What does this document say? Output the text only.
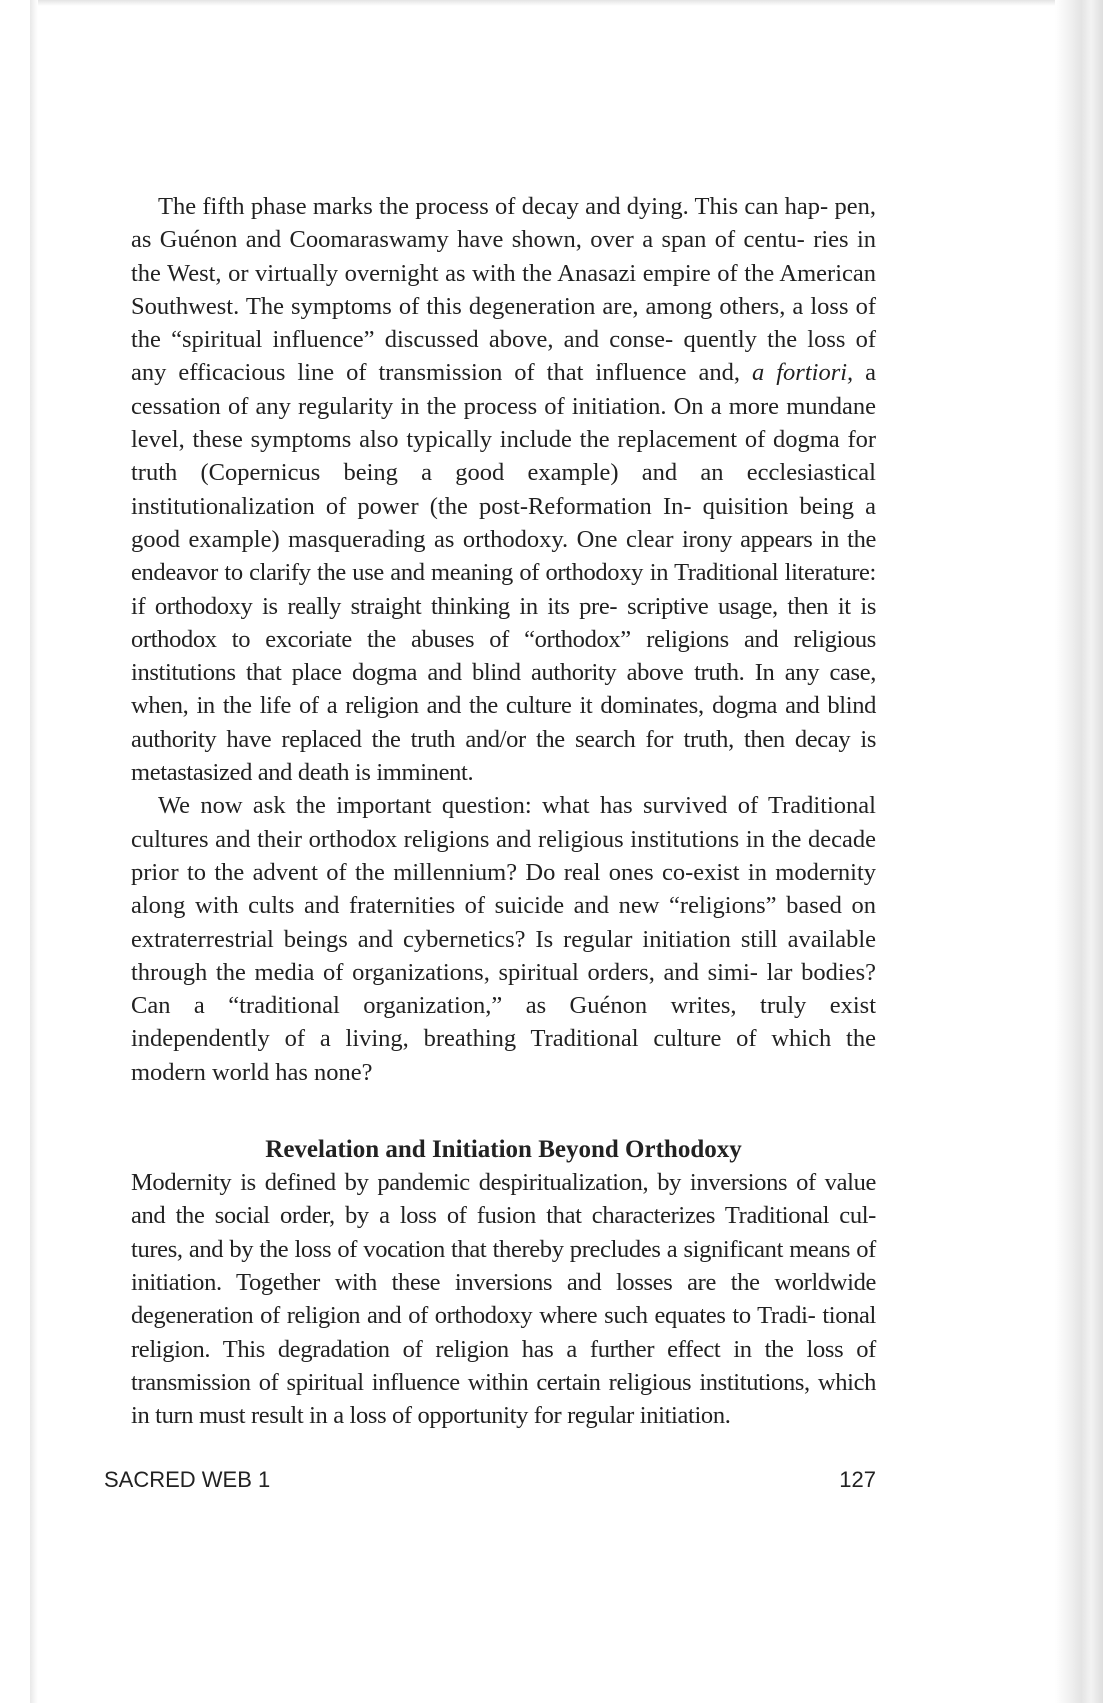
The fifth phase marks the process of decay and dying. This can hap- pen, as Guénon and Coomaraswamy have shown, over a span of centu- ries in the West, or virtually overnight as with the Anasazi empire of the American Southwest. The symptoms of this degeneration are, among others, a loss of the “spiritual influence” discussed above, and conse- quently the loss of any efficacious line of transmission of that influence and, a fortiori, a cessation of any regularity in the process of initiation. On a more mundane level, these symptoms also typically include the replacement of dogma for truth (Copernicus being a good example) and an ecclesiastical institutionalization of power (the post-Reformation In- quisition being a good example) masquerading as orthodoxy. One clear irony appears in the endeavor to clarify the use and meaning of orthodoxy in Traditional literature: if orthodoxy is really straight thinking in its pre- scriptive usage, then it is orthodox to excoriate the abuses of “orthodox” religions and religious institutions that place dogma and blind authority above truth. In any case, when, in the life of a religion and the culture it dominates, dogma and blind authority have replaced the truth and/or the search for truth, then decay is metastasized and death is imminent.

We now ask the important question: what has survived of Traditional cultures and their orthodox religions and religious institutions in the decade prior to the advent of the millennium? Do real ones co-exist in modernity along with cults and fraternities of suicide and new “religions” based on extraterrestrial beings and cybernetics? Is regular initiation still available through the media of organizations, spiritual orders, and simi- lar bodies? Can a “traditional organization,” as Guénon writes, truly exist independently of a living, breathing Traditional culture of which the modern world has none?

Revelation and Initiation Beyond Orthodoxy

Modernity is defined by pandemic despiritualization, by inversions of value and the social order, by a loss of fusion that characterizes Traditional cul- tures, and by the loss of vocation that thereby precludes a significant means of initiation. Together with these inversions and losses are the worldwide degeneration of religion and of orthodoxy where such equates to Tradi- tional religion. This degradation of religion has a further effect in the loss of transmission of spiritual influence within certain religious institutions, which in turn must result in a loss of opportunity for regular initiation.

SACRED WEB 1	127
